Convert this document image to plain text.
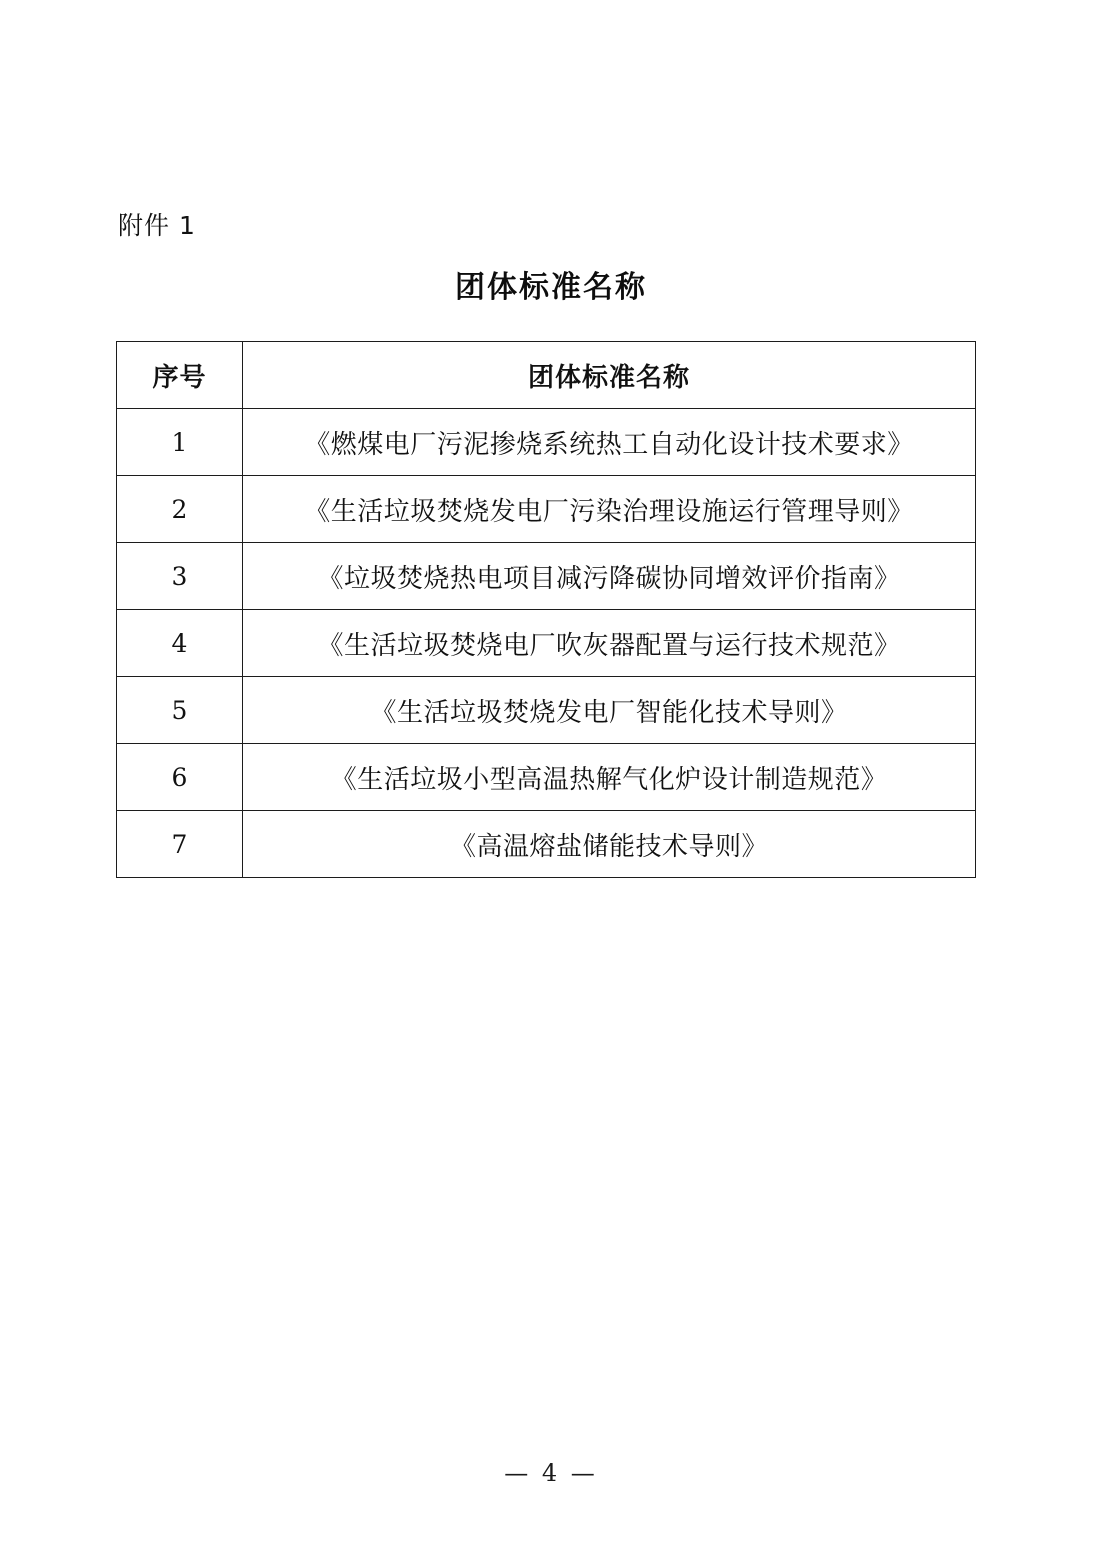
附件 1
团体标准名称
序号	团体标准名称
1	《燃煤电厂污泥掺烧系统热工自动化设计技术要求》
2	《生活垃圾焚烧发电厂污染治理设施运行管理导则》
3	《垃圾焚烧热电项目减污降碳协同增效评价指南》
4	《生活垃圾焚烧电厂吹灰器配置与运行技术规范》
5	《生活垃圾焚烧发电厂智能化技术导则》
6	《生活垃圾小型高温热解气化炉设计制造规范》
7	《高温熔盐储能技术导则》
— 4 —
